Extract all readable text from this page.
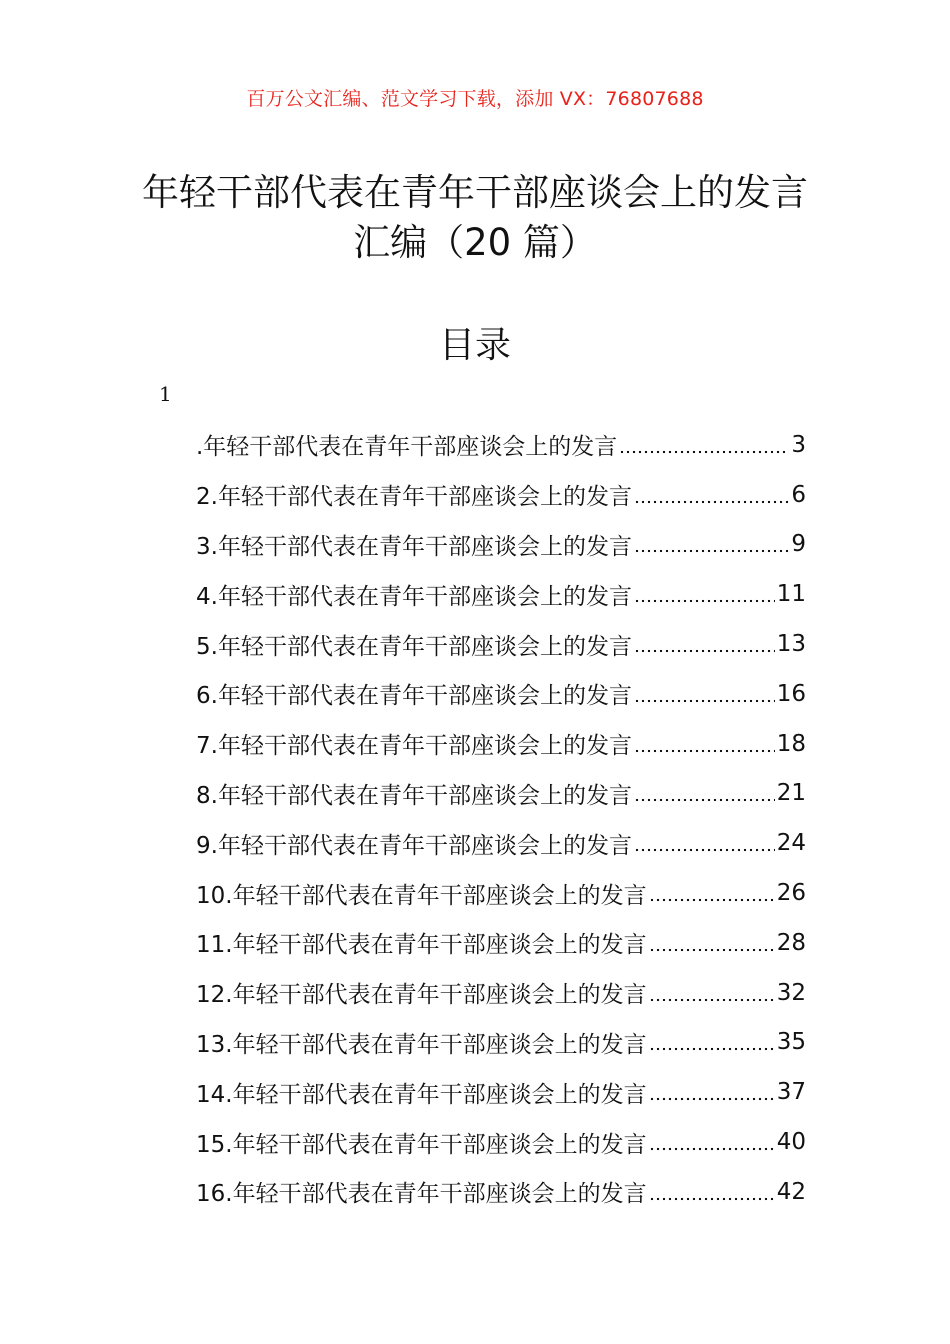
百万公文汇编、范文学习下载，添加 VX：76807688
年轻干部代表在青年干部座谈会上的发言
汇编（20 篇）
目录
1
.年轻干部代表在青年干部座谈会上的发言	3
2.年轻干部代表在青年干部座谈会上的发言	6
3.年轻干部代表在青年干部座谈会上的发言	9
4.年轻干部代表在青年干部座谈会上的发言	11
5.年轻干部代表在青年干部座谈会上的发言	13
6.年轻干部代表在青年干部座谈会上的发言	16
7.年轻干部代表在青年干部座谈会上的发言	18
8.年轻干部代表在青年干部座谈会上的发言	21
9.年轻干部代表在青年干部座谈会上的发言	24
10.年轻干部代表在青年干部座谈会上的发言	26
11.年轻干部代表在青年干部座谈会上的发言	28
12.年轻干部代表在青年干部座谈会上的发言	32
13.年轻干部代表在青年干部座谈会上的发言	35
14.年轻干部代表在青年干部座谈会上的发言	37
15.年轻干部代表在青年干部座谈会上的发言	40
16.年轻干部代表在青年干部座谈会上的发言	42
